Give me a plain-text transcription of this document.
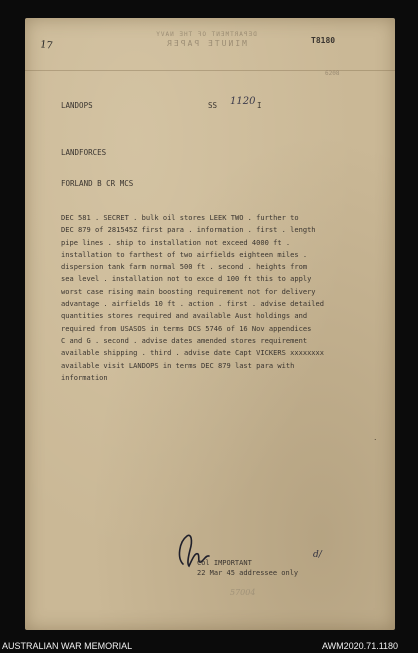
17
DEPARTMENT OF THE NAVY
MINUTE PAPER
6208
T8180
LANDOPS	SS 1120 I
LANDFORCES
FORLAND B CR MCS
DEC 581 . SECRET . bulk oil stores LEEK TWO . further to
DEC 879 of 281545Z first para . information . first . length
pipe lines . ship to installation not exceed 4000 ft .
installation to farthest of two airfields eighteen miles .
dispersion tank farm normal 500 ft . second . heights from
sea level . installation not to exce d 100 ft this to apply
worst case rising main boosting requirement not for delivery
advantage . airfields 10 ft . action . first . advise detailed
quantities stores required and available Aust holdings and
required from USASOS in terms DCS 5746 of 16 Nov appendices
C and G . second . advise dates amended stores requirement
available shipping . third . advise date Capt VICKERS xxxxxxxx
available visit LANDOPS in terms DEC 879 last para with
information
.
Col IMPORTANT
22 Mar 45 addressee only
d/
57004
AUSTRALIAN WAR MEMORIAL	AWM2020.71.1180
